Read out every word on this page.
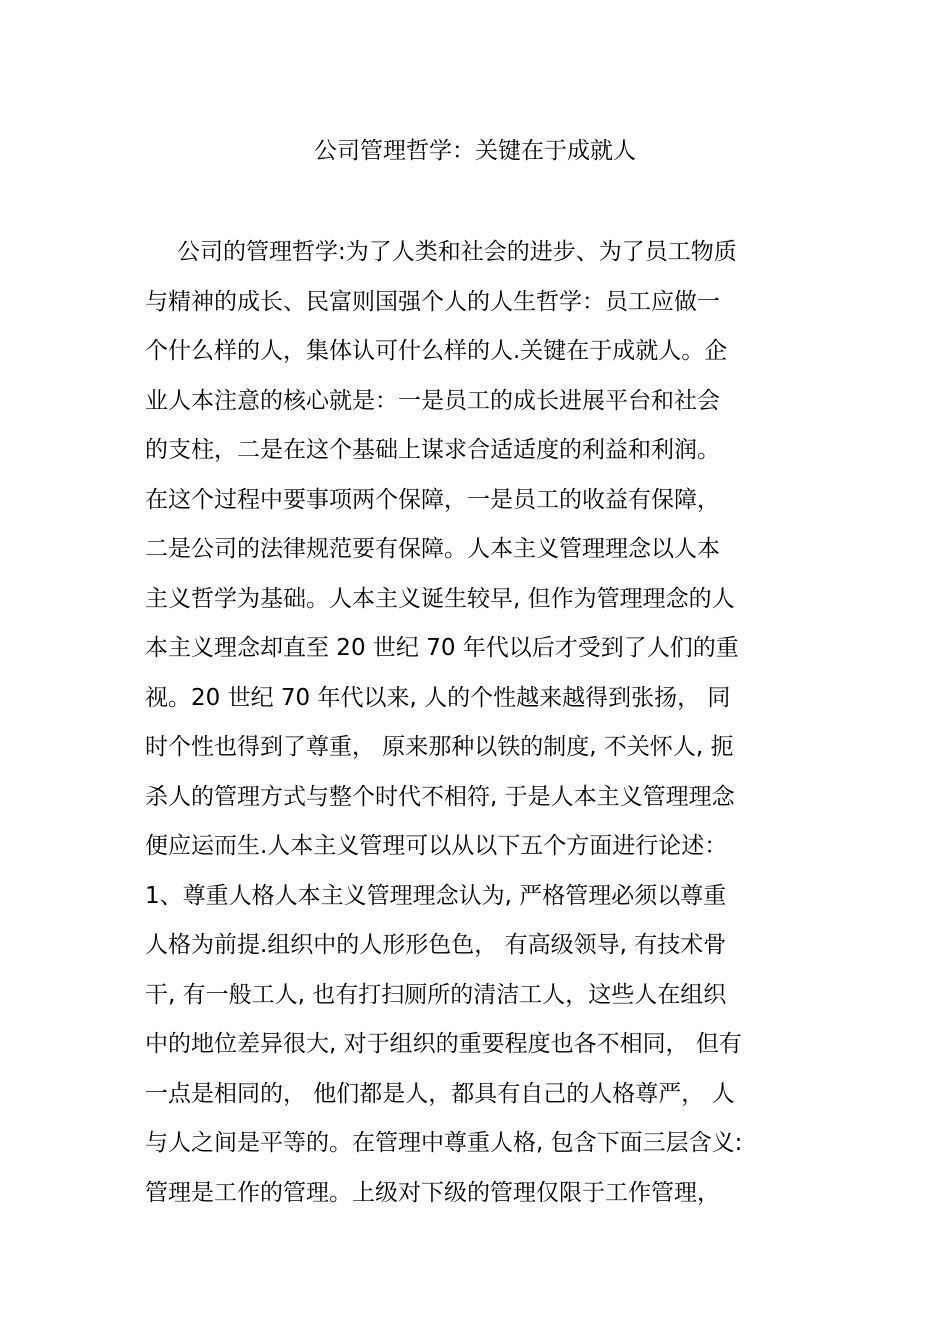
公司管理哲学：关键在于成就人
公司的管理哲学:为了人类和社会的进步、为了员工物质
与精神的成长、民富则国强个人的人生哲学：员工应做一
个什么样的人，集体认可什么样的人.关键在于成就人。企
业人本注意的核心就是：一是员工的成长进展平台和社会
的支柱，二是在这个基础上谋求合适适度的利益和利润。
在这个过程中要事项两个保障，一是员工的收益有保障，
二是公司的法律规范要有保障。人本主义管理理念以人本
主义哲学为基础。人本主义诞生较早, 但作为管理理念的人
本主义理念却直至 20 世纪 70 年代以后才受到了人们的重
视。20 世纪 70 年代以来, 人的个性越来越得到张扬， 同
时个性也得到了尊重， 原来那种以铁的制度, 不关怀人, 扼
杀人的管理方式与整个时代不相符, 于是人本主义管理理念
便应运而生.人本主义管理可以从以下五个方面进行论述：
1、尊重人格人本主义管理理念认为, 严格管理必须以尊重
人格为前提.组织中的人形形色色， 有高级领导, 有技术骨
干, 有一般工人, 也有打扫厕所的清洁工人，这些人在组织
中的地位差异很大, 对于组织的重要程度也各不相同， 但有
一点是相同的， 他们都是人，都具有自己的人格尊严， 人
与人之间是平等的。在管理中尊重人格, 包含下面三层含义:
管理是工作的管理。上级对下级的管理仅限于工作管理，
